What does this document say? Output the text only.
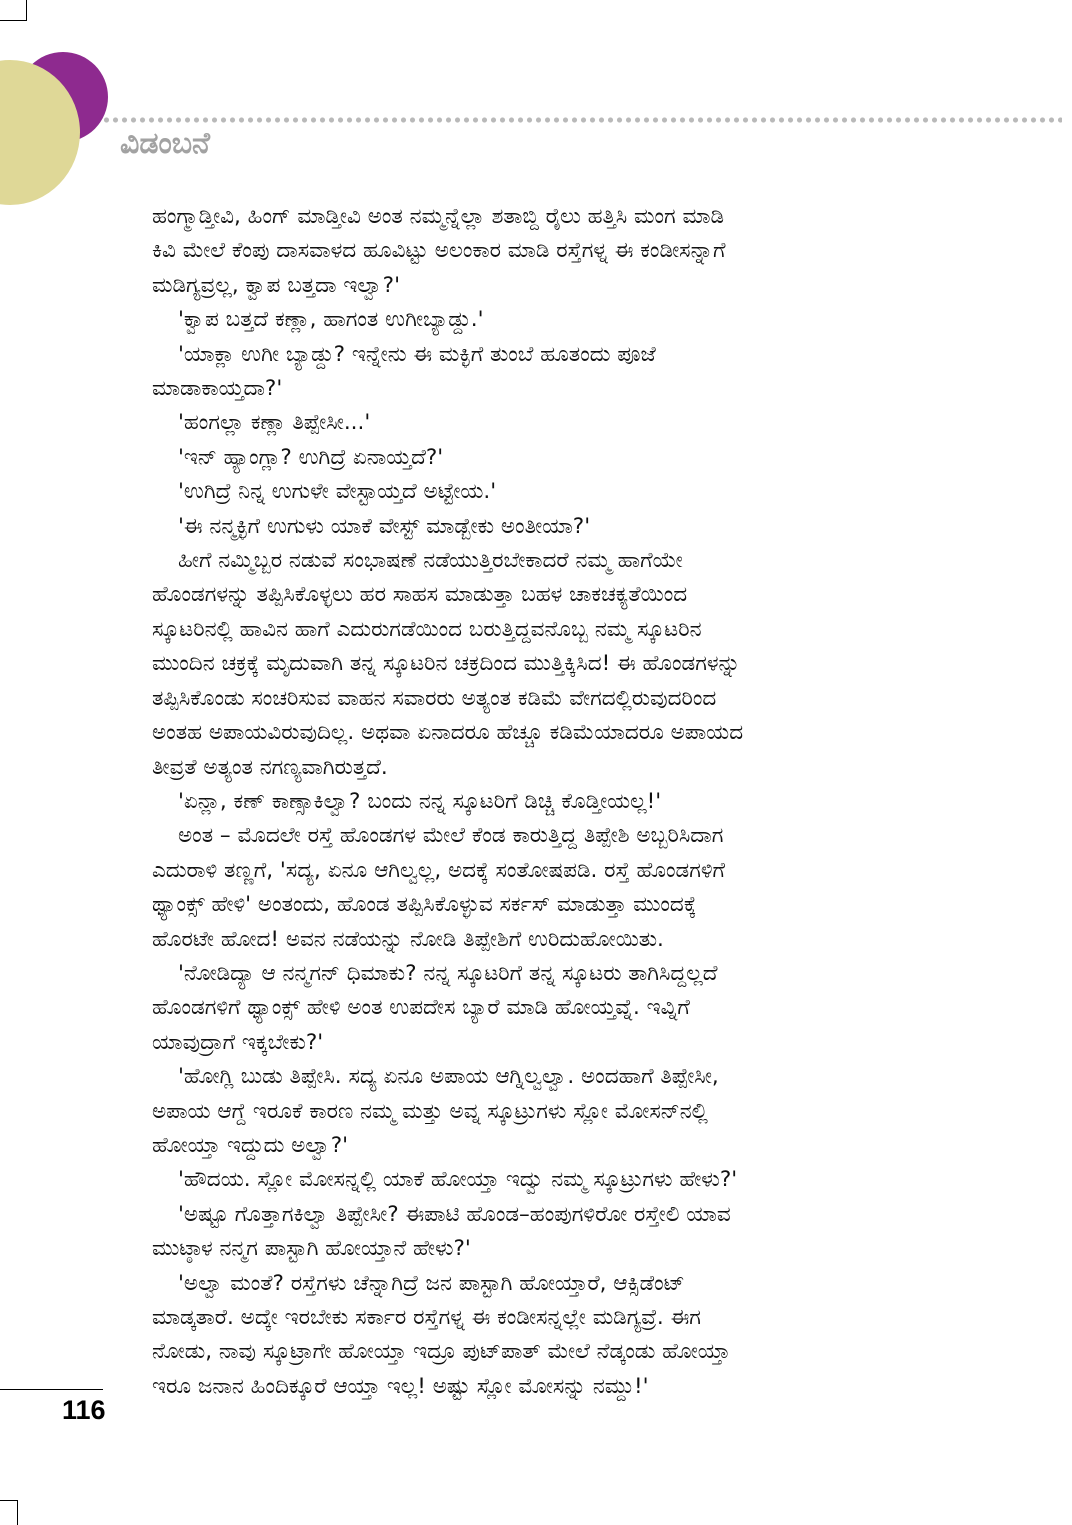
ವಿಡಂಬನೆ

ಹಂಗ್ಮಾಡ್ತೀವಿ, ಹಿಂಗ್ ಮಾಡ್ತೀವಿ ಅಂತ ನಮ್ಮನ್ನೆಲ್ಲಾ ಶತಾಬ್ದಿ ರೈಲು ಹತ್ತಿಸಿ ಮಂಗ ಮಾಡಿ

ಕಿವಿ ಮೇಲೆ ಕೆಂಪು ದಾಸವಾಳದ ಹೂವಿಟ್ಟು ಅಲಂಕಾರ ಮಾಡಿ ರಸ್ತೆಗಳ್ನ ಈ ಕಂಡೀಸನ್ನಾಗೆ

ಮಡಿಗ್ಯವ್ರಲ್ಲ, ಕ್ವಾಪ ಬತ್ತದಾ ಇಲ್ವಾ?'

'ಕ್ವಾಪ ಬತ್ತದೆ ಕಣ್ಲಾ, ಹಾಗಂತ ಉಗೀಬ್ಯಾಡ್ದು.'

'ಯಾಕ್ಲಾ ಉಗೀ ಬ್ಯಾಡ್ದು? ಇನ್ನೇನು ಈ ಮಕ್ಳಿಗೆ ತುಂಬೆ ಹೂತಂದು ಪೂಜೆ

ಮಾಡಾಕಾಯ್ತದಾ?'

'ಹಂಗಲ್ಲಾ ಕಣ್ಲಾ ತಿಪ್ಪೇಸೀ...'

'ಇನ್ ಹ್ಯಾಂಗ್ಲಾ? ಉಗಿದ್ರೆ ಏನಾಯ್ತದೆ?'

'ಉಗಿದ್ರೆ ನಿನ್ನ ಉಗುಳೇ ವೇಸ್ಟಾಯ್ತದೆ ಅಟ್ಟೇಯ.'

'ಈ ನನ್ಮಕ್ಳಿಗೆ ಉಗುಳು ಯಾಕೆ ವೇಸ್ಟ್ ಮಾಡ್ಬೇಕು ಅಂತೀಯಾ?'

ಹೀಗೆ ನಮ್ಮಿಬ್ಬರ ನಡುವೆ ಸಂಭಾಷಣೆ ನಡೆಯುತ್ತಿರಬೇಕಾದರೆ ನಮ್ಮ ಹಾಗೆಯೇ

ಹೊಂಡಗಳನ್ನು ತಪ್ಪಿಸಿಕೊಳ್ಳಲು ಹರ ಸಾಹಸ ಮಾಡುತ್ತಾ ಬಹಳ ಚಾಕಚಕ್ಯತೆಯಿಂದ

ಸ್ಕೂಟರಿನಲ್ಲಿ ಹಾವಿನ ಹಾಗೆ ಎದುರುಗಡೆಯಿಂದ ಬರುತ್ತಿದ್ದವನೊಬ್ಬ ನಮ್ಮ ಸ್ಕೂಟರಿನ

ಮುಂದಿನ ಚಕ್ರಕ್ಕೆ ಮೃದುವಾಗಿ ತನ್ನ ಸ್ಕೂಟರಿನ ಚಕ್ರದಿಂದ ಮುತ್ತಿಕ್ಕಿಸಿದ! ಈ ಹೊಂಡಗಳನ್ನು

ತಪ್ಪಿಸಿಕೊಂಡು ಸಂಚರಿಸುವ ವಾಹನ ಸವಾರರು ಅತ್ಯಂತ ಕಡಿಮೆ ವೇಗದಲ್ಲಿರುವುದರಿಂದ

ಅಂತಹ ಅಪಾಯವಿರುವುದಿಲ್ಲ. ಅಥವಾ ಏನಾದರೂ ಹೆಚ್ಚೂ ಕಡಿಮೆಯಾದರೂ ಅಪಾಯದ

ತೀವ್ರತೆ ಅತ್ಯಂತ ನಗಣ್ಯವಾಗಿರುತ್ತದೆ.

'ಏನ್ಲಾ, ಕಣ್ ಕಾಣ್ಸಾಕಿಲ್ವಾ? ಬಂದು ನನ್ನ ಸ್ಕೂಟರಿಗೆ ಡಿಚ್ಚಿ ಕೊಡ್ತೀಯಲ್ಲ!'

ಅಂತ – ಮೊದಲೇ ರಸ್ತೆ ಹೊಂಡಗಳ ಮೇಲೆ ಕೆಂಡ ಕಾರುತ್ತಿದ್ದ ತಿಪ್ಪೇಶಿ ಅಬ್ಬರಿಸಿದಾಗ

ಎದುರಾಳಿ ತಣ್ಣಗೆ, 'ಸದ್ಯ, ಏನೂ ಆಗಿಲ್ವಲ್ಲ, ಅದಕ್ಕೆ ಸಂತೋಷಪಡಿ. ರಸ್ತೆ ಹೊಂಡಗಳಿಗೆ

ಥ್ಯಾಂಕ್ಸ್ ಹೇಳಿ' ಅಂತಂದು, ಹೊಂಡ ತಪ್ಪಿಸಿಕೊಳ್ಳುವ ಸರ್ಕಸ್ ಮಾಡುತ್ತಾ ಮುಂದಕ್ಕೆ

ಹೊರಟೇ ಹೋದ! ಅವನ ನಡೆಯನ್ನು ನೋಡಿ ತಿಪ್ಪೇಶಿಗೆ ಉರಿದುಹೋಯಿತು.

'ನೋಡಿದ್ಯಾ ಆ ನನ್ಮಗನ್ ಧಿಮಾಕು? ನನ್ನ ಸ್ಕೂಟರಿಗೆ ತನ್ನ ಸ್ಕೂಟರು ತಾಗಿಸಿದ್ದಲ್ಲದೆ

ಹೊಂಡಗಳಿಗೆ ಥ್ಯಾಂಕ್ಸ್ ಹೇಳಿ ಅಂತ ಉಪದೇಸ ಬ್ಯಾರೆ ಮಾಡಿ ಹೋಯ್ತವ್ನೆ. ಇವ್ನಿಗೆ

ಯಾವುದ್ರಾಗೆ ಇಕ್ಕಬೇಕು?'

'ಹೋಗ್ಲಿ ಬುಡು ತಿಪ್ಪೇಸಿ. ಸದ್ಯ ಏನೂ ಅಪಾಯ ಆಗ್ನಿಲ್ವಲ್ವಾ. ಅಂದಹಾಗೆ ತಿಪ್ಪೇಸೀ,

ಅಪಾಯ ಆಗ್ದೆ ಇರೂಕೆ ಕಾರಣ ನಮ್ಮ ಮತ್ತು ಅವ್ನ ಸ್ಕೂಟ್ರುಗಳು ಸ್ಲೋ ಮೋಸನ್‌ನಲ್ಲಿ

ಹೋಯ್ತಾ ಇದ್ದುದು ಅಲ್ವಾ?'

'ಹೌದಯ. ಸ್ಲೋ ಮೋಸನ್ನಲ್ಲಿ ಯಾಕೆ ಹೋಯ್ತಾ ಇದ್ವು ನಮ್ಮ ಸ್ಕೂಟ್ರುಗಳು ಹೇಳು?'

'ಅಷ್ಟೂ ಗೊತ್ತಾಗಕಿಲ್ವಾ ತಿಪ್ಪೇಸೀ? ಈಪಾಟಿ ಹೊಂಡ–ಹಂಪುಗಳಿರೋ ರಸ್ತೇಲಿ ಯಾವ

ಮುಟ್ಠಾಳ ನನ್ಮಗ ಪಾಸ್ಟಾಗಿ ಹೋಯ್ತಾನೆ ಹೇಳು?'

'ಅಲ್ವಾ ಮಂತೆ? ರಸ್ತೆಗಳು ಚೆನ್ನಾಗಿದ್ರೆ ಜನ ಪಾಸ್ಟಾಗಿ ಹೋಯ್ತಾರೆ, ಆಕ್ಸಿಡೆಂಟ್

ಮಾಡ್ಕತಾರೆ. ಅದ್ಕೇ ಇರಬೇಕು ಸರ್ಕಾರ ರಸ್ತೆಗಳ್ನ ಈ ಕಂಡೀಸನ್ನಲ್ಲೇ ಮಡಿಗ್ಯವ್ರೆ. ಈಗ

ನೋಡು, ನಾವು ಸ್ಕೂಟ್ರಾಗೇ ಹೋಯ್ತಾ ಇದ್ರೂ ಪುಟ್‌ಪಾತ್ ಮೇಲೆ ನೆಡ್ಕಂಡು ಹೋಯ್ತಾ

ಇರೂ ಜನಾನ ಹಿಂದಿಕ್ಕೂರೆ ಆಯ್ತಾ ಇಲ್ಲ! ಅಷ್ಟು ಸ್ಲೋ ಮೋಸನ್ನು ನಮ್ದು!'

116
